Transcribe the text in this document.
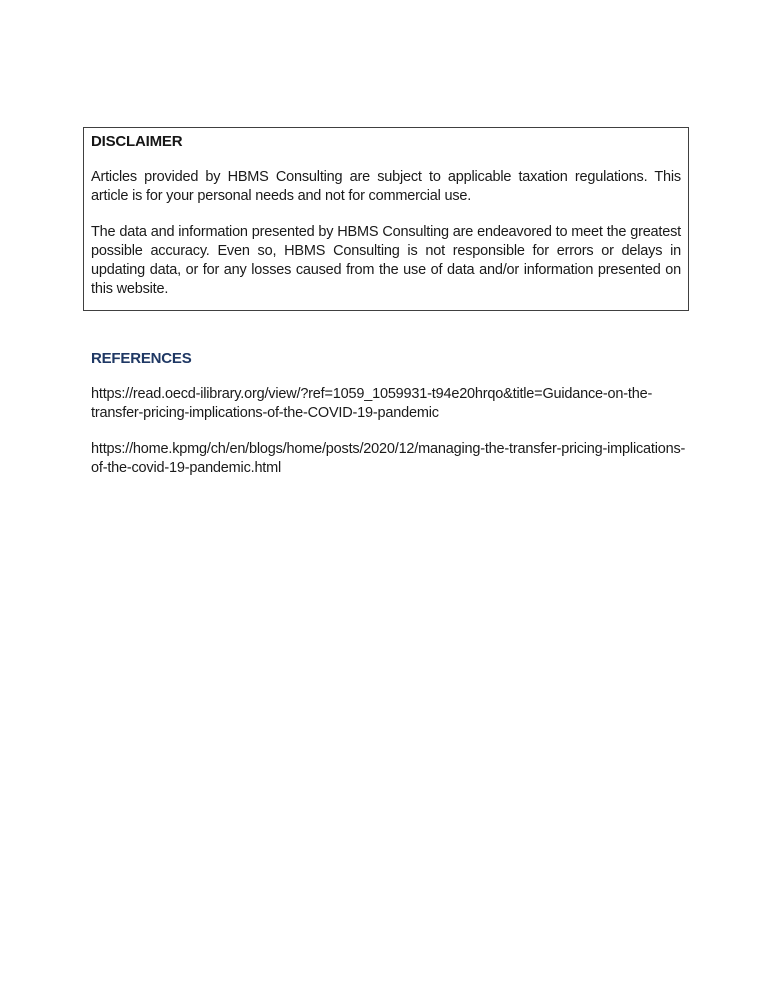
DISCLAIMER

Articles provided by HBMS Consulting are subject to applicable taxation regulations. This article is for your personal needs and not for commercial use.

The data and information presented by HBMS Consulting are endeavored to meet the greatest possible accuracy. Even so, HBMS Consulting is not responsible for errors or delays in updating data, or for any losses caused from the use of data and/or information presented on this website.

REFERENCES

https://read.oecd-ilibrary.org/view/?ref=1059_1059931-t94e20hrqo&title=Guidance-on-the-transfer-pricing-implications-of-the-COVID-19-pandemic

https://home.kpmg/ch/en/blogs/home/posts/2020/12/managing-the-transfer-pricing-implications-of-the-covid-19-pandemic.html
